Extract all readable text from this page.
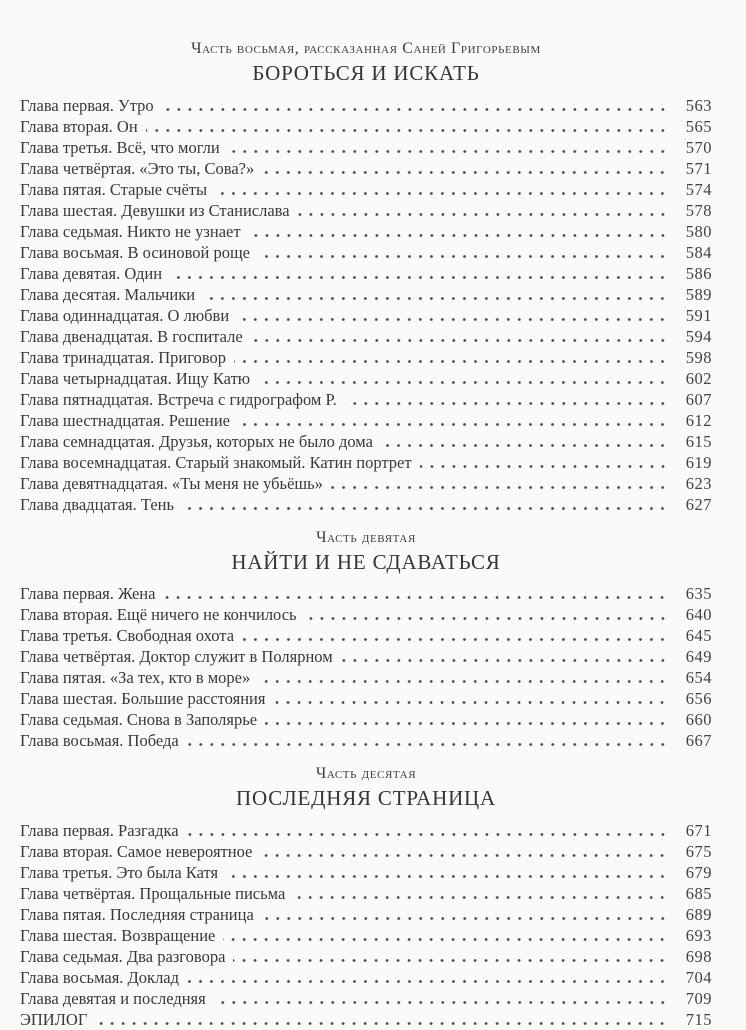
Часть восьмая, рассказанная Саней Григорьевым
БОРОТЬСЯ И ИСКАТЬ
Глава первая. Утро	563
Глава вторая. Он	565
Глава третья. Всё, что могли	570
Глава четвёртая. «Это ты, Сова?»	571
Глава пятая. Старые счёты	574
Глава шестая. Девушки из Станислава	578
Глава седьмая. Никто не узнает	580
Глава восьмая. В осиновой роще	584
Глава девятая. Один	586
Глава десятая. Мальчики	589
Глава одиннадцатая. О любви	591
Глава двенадцатая. В госпитале	594
Глава тринадцатая. Приговор	598
Глава четырнадцатая. Ищу Катю	602
Глава пятнадцатая. Встреча с гидрографом Р.	607
Глава шестнадцатая. Решение	612
Глава семнадцатая. Друзья, которых не было дома	615
Глава восемнадцатая. Старый знакомый. Катин портрет	619
Глава девятнадцатая. «Ты меня не убьёшь»	623
Глава двадцатая. Тень	627
Часть девятая
НАЙТИ И НЕ СДАВАТЬСЯ
Глава первая. Жена	635
Глава вторая. Ещё ничего не кончилось	640
Глава третья. Свободная охота	645
Глава четвёртая. Доктор служит в Полярном	649
Глава пятая. «За тех, кто в море»	654
Глава шестая. Большие расстояния	656
Глава седьмая. Снова в Заполярье	660
Глава восьмая. Победа	667
Часть десятая
ПОСЛЕДНЯЯ СТРАНИЦА
Глава первая. Разгадка	671
Глава вторая. Самое невероятное	675
Глава третья. Это была Катя	679
Глава четвёртая. Прощальные письма	685
Глава пятая. Последняя страница	689
Глава шестая. Возвращение	693
Глава седьмая. Два разговора	698
Глава восьмая. Доклад	704
Глава девятая и последняя	709
ЭПИЛОГ	715
